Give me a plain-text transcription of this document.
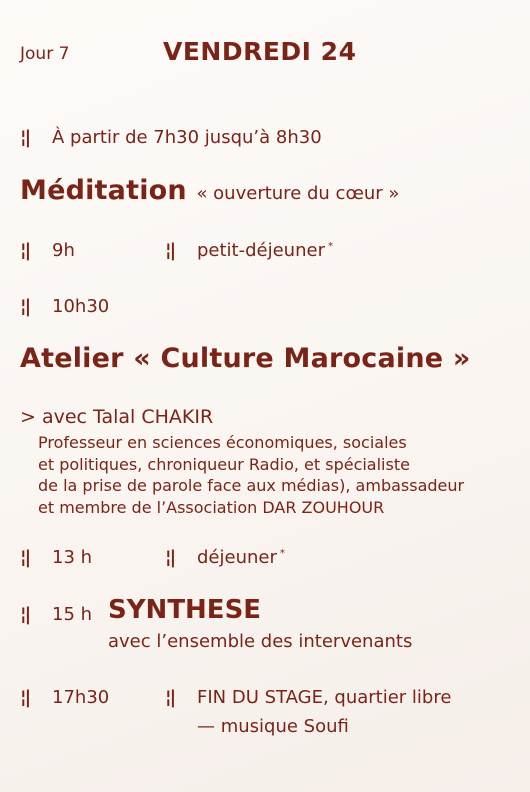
Jour 7	VENDREDI 24
¦| À partir de 7h30 jusqu’à 8h30
Méditation « ouverture du cœur »
¦| 9h	¦| petit-déjeuner *
¦| 10h30
Atelier « Culture Marocaine »
> avec Talal CHAKIR
Professeur en sciences économiques, sociales
et politiques, chroniqueur Radio, et spécialiste
de la prise de parole face aux médias), ambassadeur
et membre de l’Association DAR ZOUHOUR
¦| 13 h	¦| déjeuner *
¦| 15 h SYNTHESE
avec l’ensemble des intervenants
¦| 17h30	¦| FIN DU STAGE, quartier libre
— musique Soufi
